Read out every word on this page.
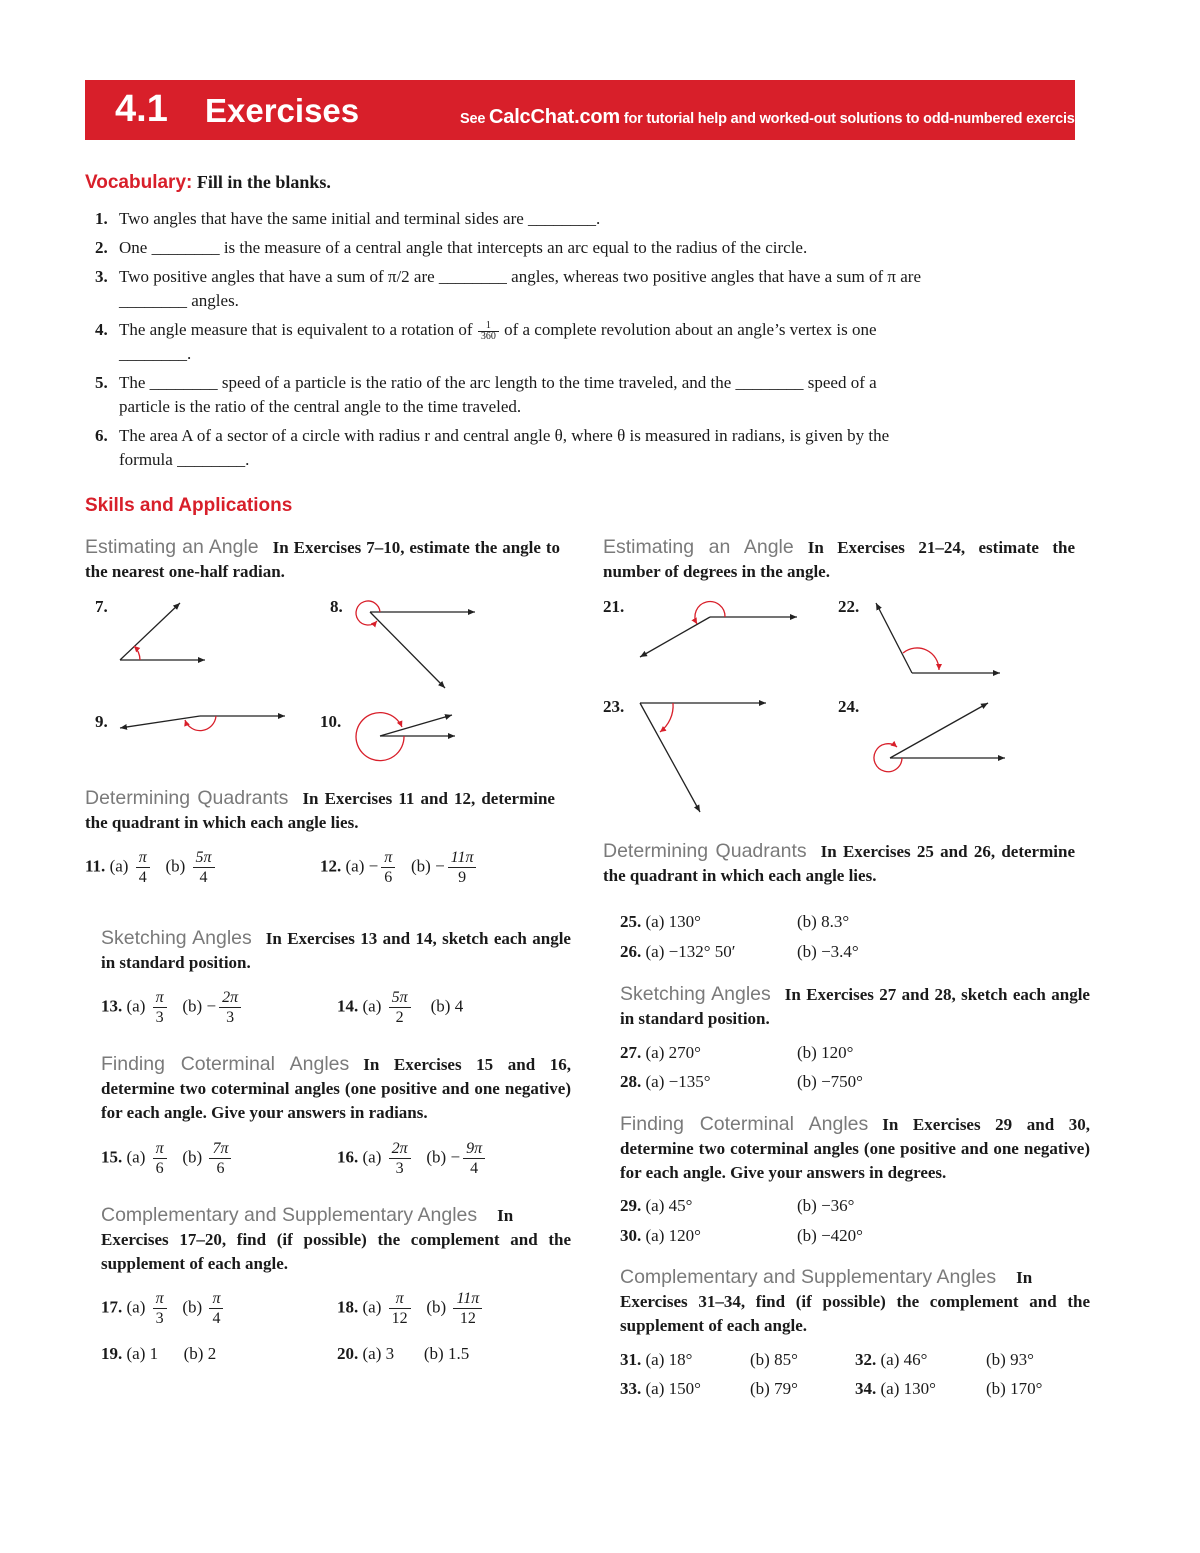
4.1 Exercises	See CalcChat.com for tutorial help and worked-out solutions to odd-numbered exercises.
Vocabulary: Fill in the blanks.
1. Two angles that have the same initial and terminal sides are ________.
2. One ________ is the measure of a central angle that intercepts an arc equal to the radius of the circle.
3. Two positive angles that have a sum of π/2 are ________ angles, whereas two positive angles that have a sum of π are ________ angles.
4. The angle measure that is equivalent to a rotation of $\frac{1}{360}$ of a complete revolution about an angle’s vertex is one ________.
5. The ________ speed of a particle is the ratio of the arc length to the time traveled, and the ________ speed of a particle is the ratio of the central angle to the time traveled.
6. The area A of a sector of a circle with radius r and central angle θ, where θ is measured in radians, is given by the formula ________.
Skills and Applications
Estimating an Angle In Exercises 7–10, estimate the angle to the nearest one-half radian.
7.	8.
9.	10.
Determining Quadrants In Exercises 11 and 12, determine the quadrant in which each angle lies.
11. $(a) \frac{\pi}{4} (b) \frac{5\pi}{4}$	12. $(a) - \frac{\pi}{6} (b) - \frac{11\pi}{9}$
Sketching Angles In Exercises 13 and 14, sketch each angle in standard position.
13. $(a) \frac{\pi}{3} (b) - \frac{2\pi}{3}$	14. $(a) \frac{5\pi}{2} (b)$ 4
Finding Coterminal Angles In Exercises 15 and 16, determine two coterminal angles (one positive and one negative) for each angle. Give your answers in radians.
15. $(a) \frac{\pi}{6} (b) \frac{7\pi}{6}$	16. $(a) \frac{2\pi}{3} (b) - \frac{9\pi}{4}$
Complementary and Supplementary Angles In
Exercises 17–20, find (if possible) the complement and the supplement of each angle.
17. $(a) \frac{\pi}{3} (b) \frac{\pi}{4}$	18. $(a) \frac{\pi}{12} (b) \frac{11\pi}{12}$
19. (a) 1 (b) 2	20. (a) 3 (b) 1.5
Estimating an Angle In Exercises 21–24, estimate the number of degrees in the angle.
21.	22.
23.	24.
Determining Quadrants In Exercises 25 and 26, determine the quadrant in which each angle lies.
25. (a) 130°	(b) 8.3°
26. (a) −132° 50′	(b) −3.4°
Sketching Angles In Exercises 27 and 28, sketch each angle in standard position.
27. (a) 270°	(b) 120°
28. (a) −135°	(b) −750°
Finding Coterminal Angles In Exercises 29 and 30, determine two coterminal angles (one positive and one negative) for each angle. Give your answers in degrees.
29. (a) 45°	(b) −36°
30. (a) 120°	(b) −420°
Complementary and Supplementary Angles In
Exercises 31–34, find (if possible) the complement and the supplement of each angle.
31. (a) 18°	(b) 85°	32. (a) 46°	(b) 93°
33. (a) 150°	(b) 79°	34. (a) 130°	(b) 170°
